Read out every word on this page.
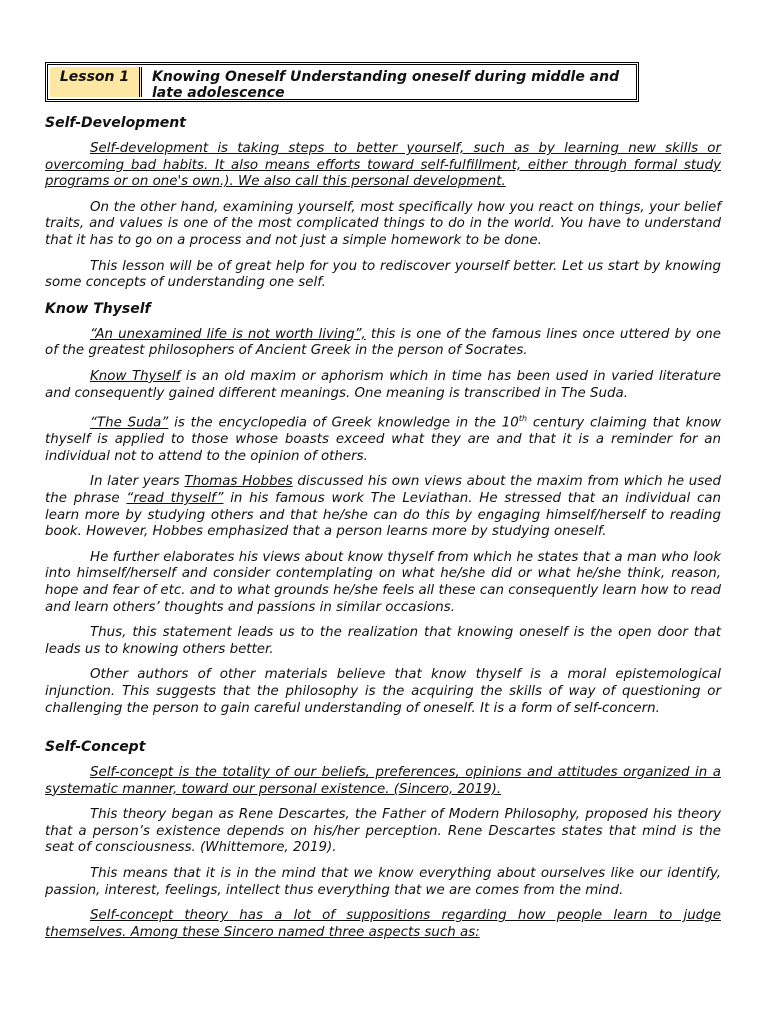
Lesson 1	Knowing Oneself Understanding oneself during middle and late adolescence
Self-Development

Self-development is taking steps to better yourself, such as by learning new skills or overcoming bad habits. It also means efforts toward self-fulfillment, either through formal study programs or on one's own.). We also call this personal development.

On the other hand, examining yourself, most specifically how you react on things, your belief traits, and values is one of the most complicated things to do in the world. You have to understand that it has to go on a process and not just a simple homework to be done.

This lesson will be of great help for you to rediscover yourself better. Let us start by knowing some concepts of understanding one self.

Know Thyself

“An unexamined life is not worth living”, this is one of the famous lines once uttered by one of the greatest philosophers of Ancient Greek in the person of Socrates.

Know Thyself is an old maxim or aphorism which in time has been used in varied literature and consequently gained different meanings. One meaning is transcribed in The Suda.

“The Suda” is the encyclopedia of Greek knowledge in the 10th century claiming that know thyself is applied to those whose boasts exceed what they are and that it is a reminder for an individual not to attend to the opinion of others.

In later years Thomas Hobbes discussed his own views about the maxim from which he used the phrase “read thyself” in his famous work The Leviathan. He stressed that an individual can learn more by studying others and that he/she can do this by engaging himself/herself to reading book. However, Hobbes emphasized that a person learns more by studying oneself.

He further elaborates his views about know thyself from which he states that a man who look into himself/herself and consider contemplating on what he/she did or what he/she think, reason, hope and fear of etc. and to what grounds he/she feels all these can consequently learn how to read and learn others’ thoughts and passions in similar occasions.

Thus, this statement leads us to the realization that knowing oneself is the open door that leads us to knowing others better.

Other authors of other materials believe that know thyself is a moral epistemological injunction. This suggests that the philosophy is the acquiring the skills of way of questioning or challenging the person to gain careful understanding of oneself. It is a form of self-concern.

Self-Concept

Self-concept is the totality of our beliefs, preferences, opinions and attitudes organized in a systematic manner, toward our personal existence. (Sincero, 2019).

This theory began as Rene Descartes, the Father of Modern Philosophy, proposed his theory that a person’s existence depends on his/her perception. Rene Descartes states that mind is the seat of consciousness. (Whittemore, 2019).

This means that it is in the mind that we know everything about ourselves like our identify, passion, interest, feelings, intellect thus everything that we are comes from the mind.

Self-concept theory has a lot of suppositions regarding how people learn to judge themselves. Among these Sincero named three aspects such as:
